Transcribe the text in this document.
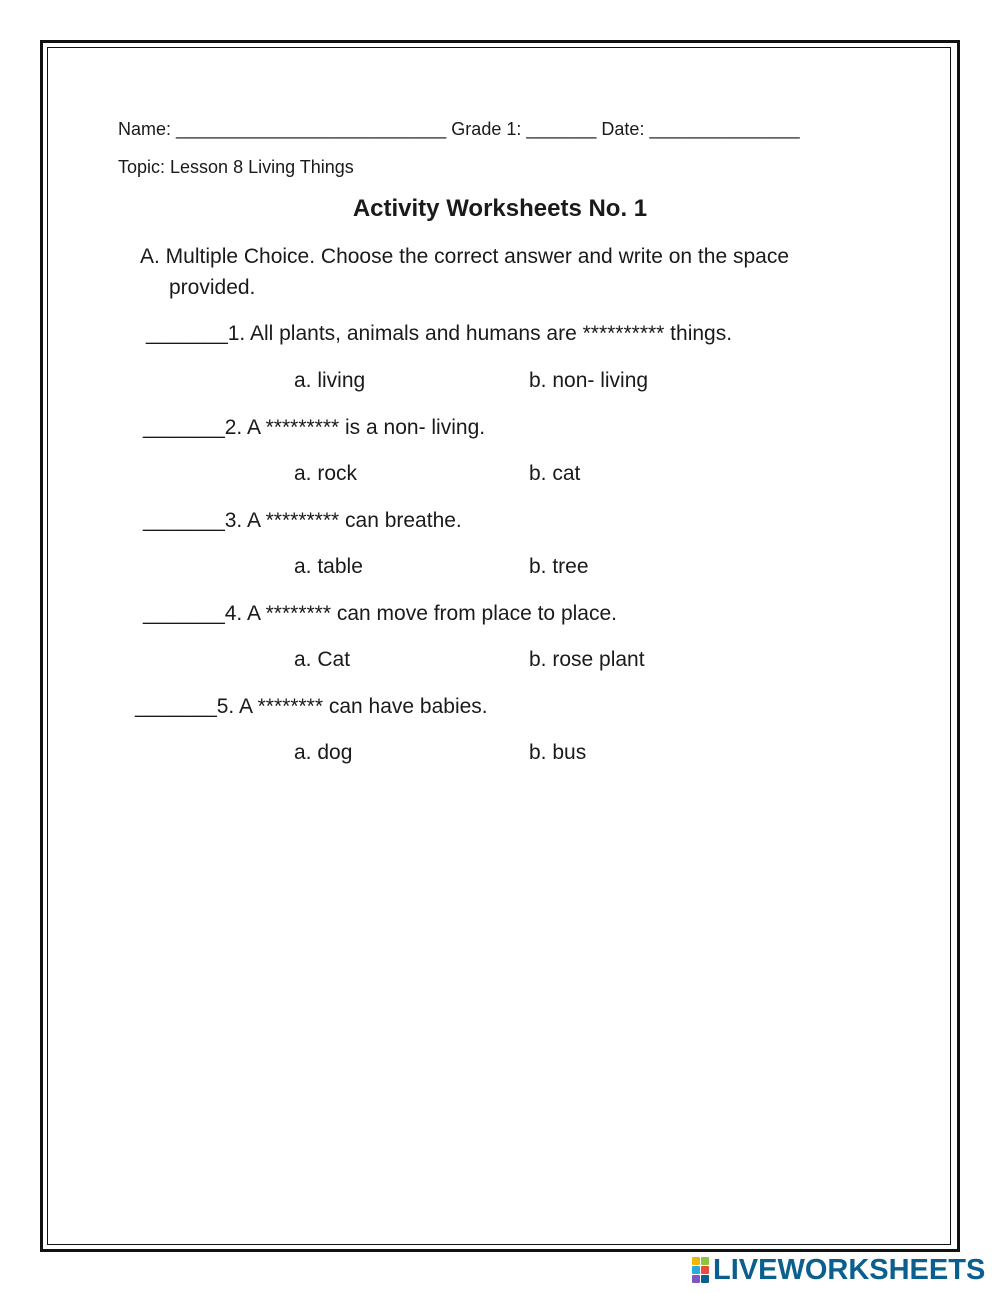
Name: ___________________________ Grade 1: _______ Date: _______________
Topic: Lesson 8 Living Things
Activity Worksheets No. 1
A. Multiple Choice. Choose the correct answer and write on the space
provided.
_______1. All plants, animals and humans are ********** things.
a. living	b. non- living
_______2. A ********* is a non- living.
a. rock	b. cat
_______3. A ********* can breathe.
a. table	b. tree
_______4. A ******** can move from place to place.
a. Cat	b. rose plant
_______5. A ******** can have babies.
a. dog	b. bus
LIVEWORKSHEETS
